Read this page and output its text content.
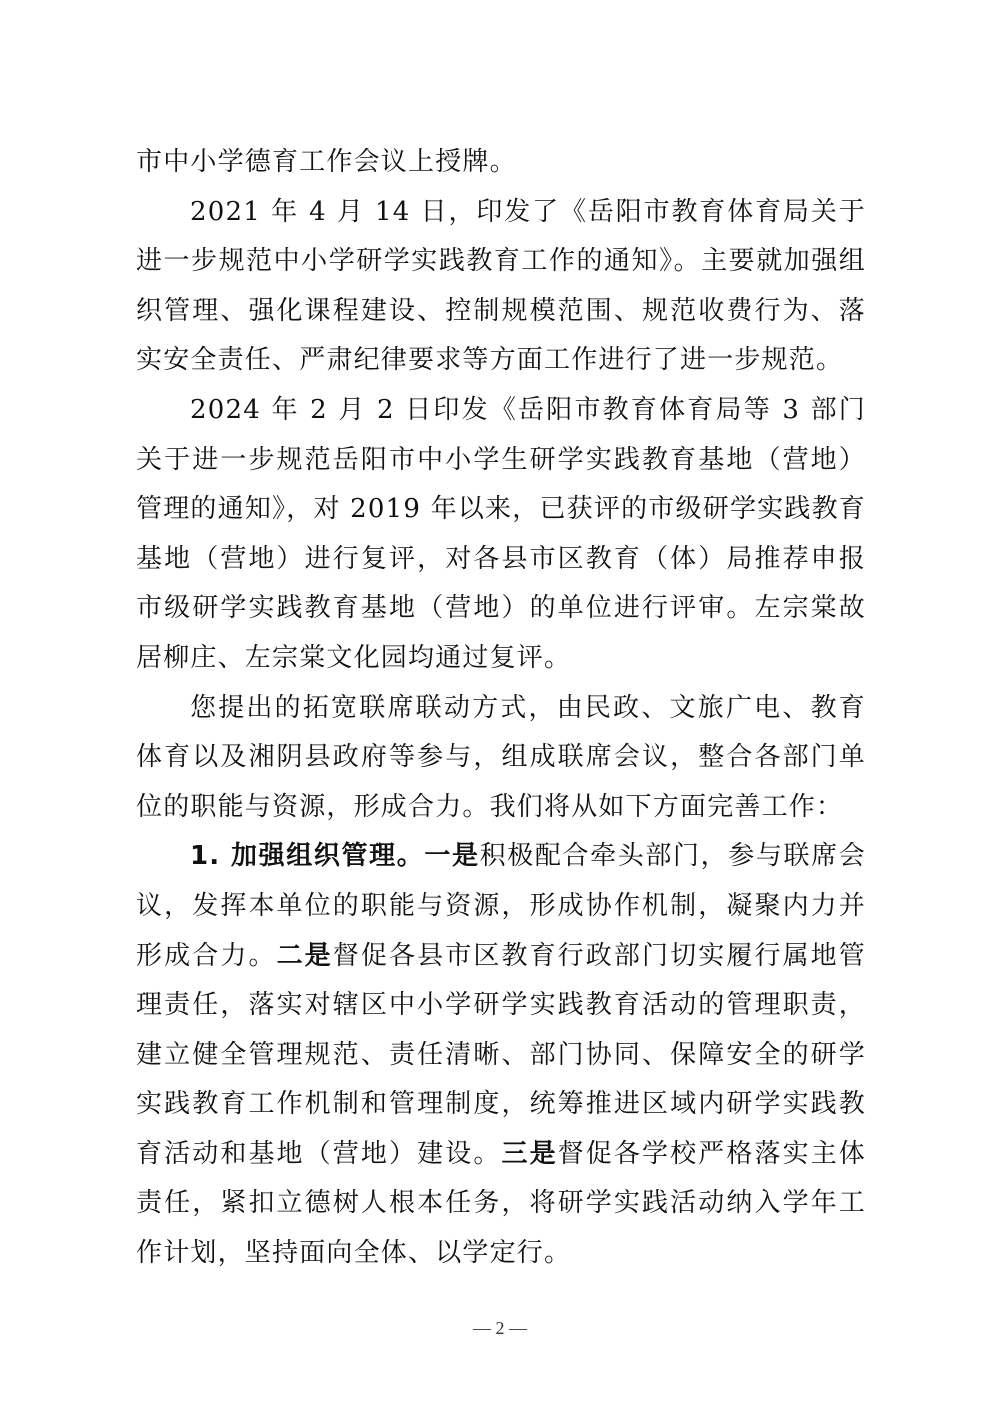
市中小学德育工作会议上授牌。

2021 年 4 月 14 日，印发了《岳阳市教育体育局关于进一步规范中小学研学实践教育工作的通知》。主要就加强组织管理、强化课程建设、控制规模范围、规范收费行为、落实安全责任、严肃纪律要求等方面工作进行了进一步规范。

2024 年 2 月 2 日印发《岳阳市教育体育局等 3 部门关于进一步规范岳阳市中小学生研学实践教育基地（营地）管理的通知》，对 2019 年以来，已获评的市级研学实践教育基地（营地）进行复评，对各县市区教育（体）局推荐申报市级研学实践教育基地（营地）的单位进行评审。左宗棠故居柳庄、左宗棠文化园均通过复评。

您提出的拓宽联席联动方式，由民政、文旅广电、教育体育以及湘阴县政府等参与，组成联席会议，整合各部门单位的职能与资源，形成合力。我们将从如下方面完善工作：

1. 加强组织管理。一是积极配合牵头部门，参与联席会议，发挥本单位的职能与资源，形成协作机制，凝聚内力并形成合力。二是督促各县市区教育行政部门切实履行属地管理责任，落实对辖区中小学研学实践教育活动的管理职责，建立健全管理规范、责任清晰、部门协同、保障安全的研学实践教育工作机制和管理制度，统筹推进区域内研学实践教育活动和基地（营地）建设。三是督促各学校严格落实主体责任，紧扣立德树人根本任务，将研学实践活动纳入学年工作计划，坚持面向全体、以学定行。

— 2 —
